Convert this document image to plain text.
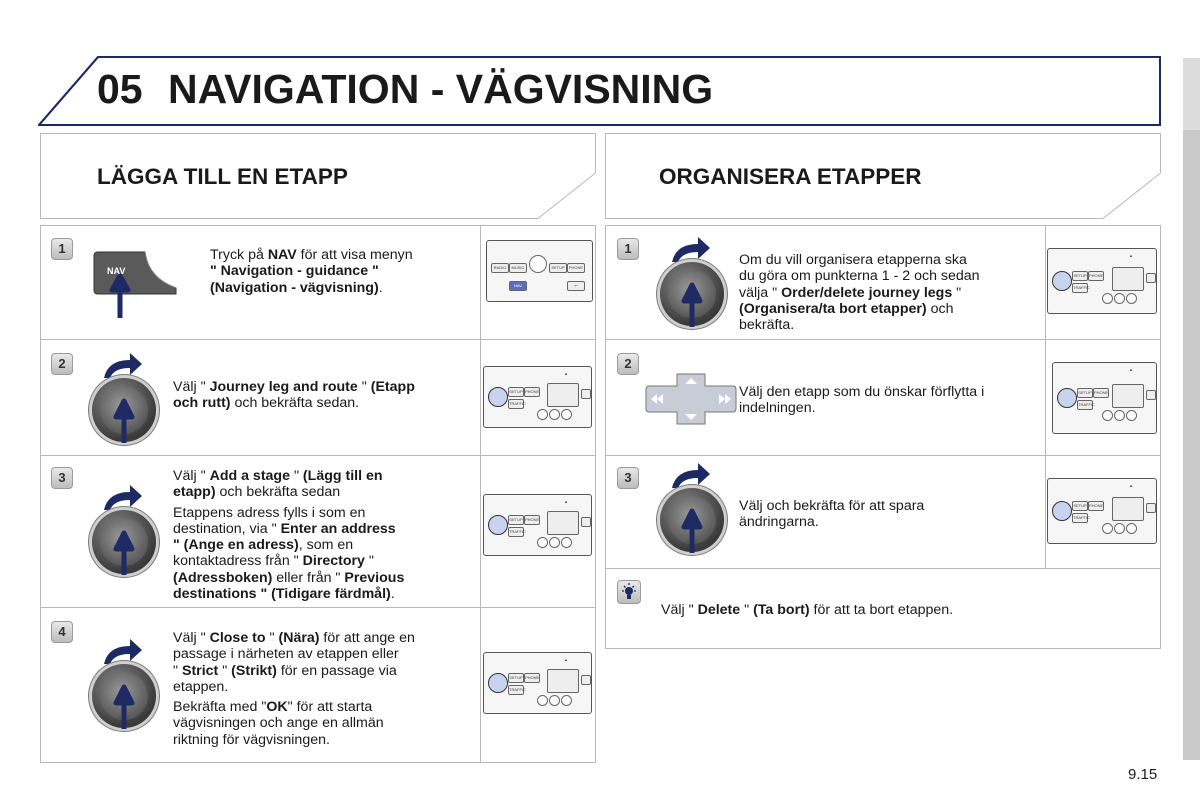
05 NAVIGATION - VÄGVISNING
LÄGGA TILL EN ETAPP	ORGANISERA ETAPPER
1
NAV

Tryck på NAV för att visa menyn
" Navigation - guidance "
(Navigation - vägvisning).

2

Välj " Journey leg and route " (Etapp
och rutt) och bekräfta sedan.

3	Välj " Add a stage " (Lägg till en
etapp) och bekräfta sedan

Etappens adress fylls i som en
destination, via " Enter an address
" (Ange en adress), som en
kontaktadress från " Directory "
(Adressboken) eller från " Previous
destinations " (Tidigare färdmål).

4	Välj " Close to " (Nära) för att ange en
passage i närheten av etappen eller
" Strict " (Strikt) för en passage via
etappen.

Bekräfta med "OK" för att starta
vägvisningen och ange en allmän
riktning för vägvisningen.

1

Om du vill organisera etapperna ska
du göra om punkterna 1 - 2 och sedan
välja " Order/delete journey legs "
(Organisera/ta bort etapper) och
bekräfta.

2

Välj den etapp som du önskar förflytta i
indelningen.

3

Välj och bekräfta för att spara
ändringarna.

Välj " Delete " (Ta bort) för att ta bort etappen.

RADIO	MUSIC	SETUP	PHONE
NAV	↩
SETUP PHONE
TRAFFIC
▲
SETUP PHONE
TRAFFIC
▲
SETUP PHONE
TRAFFIC
▲
SETUP PHONE
TRAFFIC
▲
SETUP PHONE
TRAFFIC
▲
SETUP PHONE
TRAFFIC
▲
9.15
